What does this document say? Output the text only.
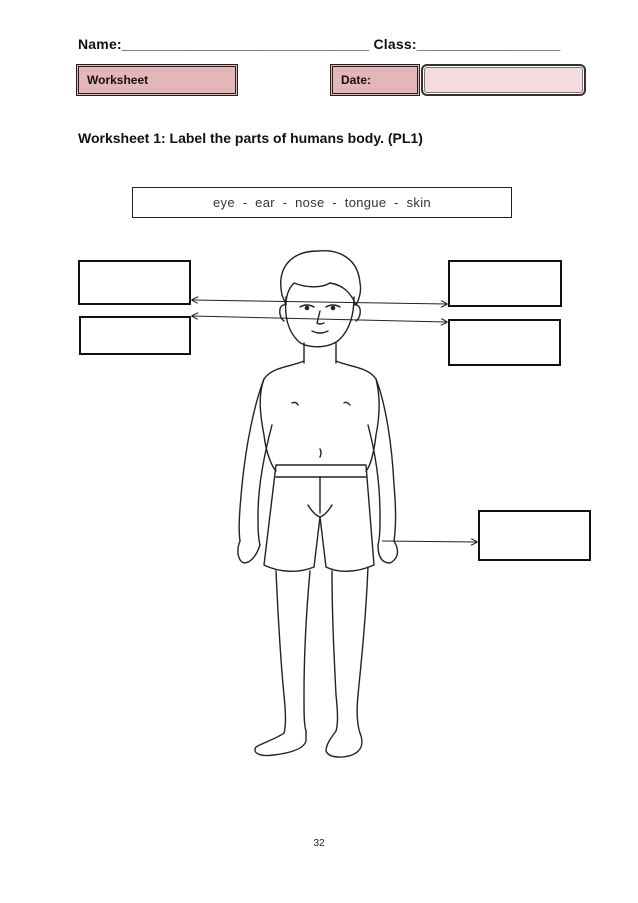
Name:_______________________________ Class:__________________
Worksheet	Date:
Worksheet 1: Label the parts of humans body. (PL1)
eye  -  ear  -  nose  -  tongue  -  skin
32
